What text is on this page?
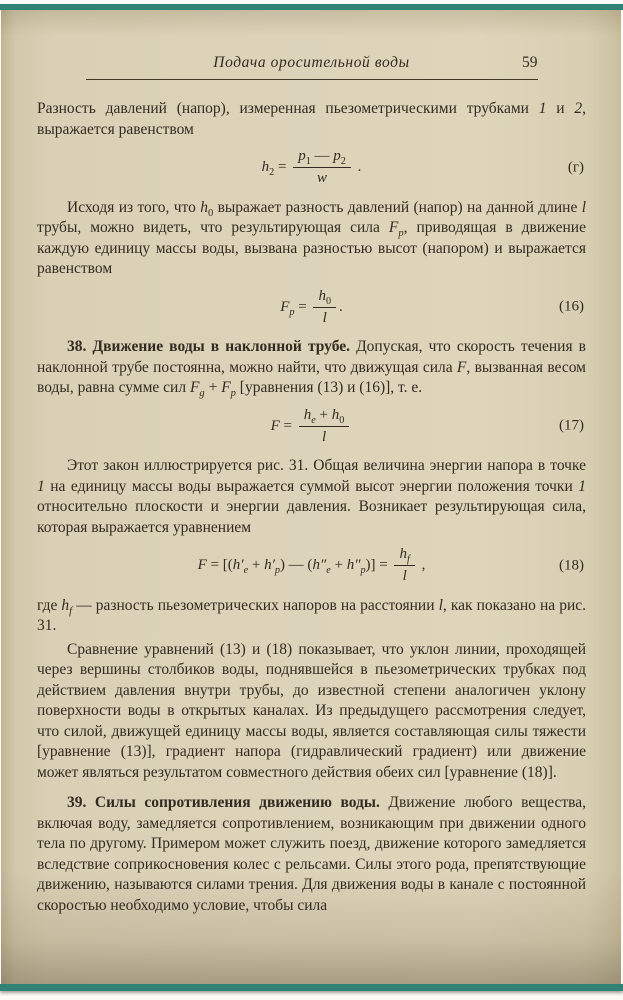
Подача оросительной воды	59

Разность давлений (напор), измеренная пьезометрическими трубками 1 и 2, выражается равенством

$h_2 = \frac{p_1 — p_2}{w}$ .	(г)

Исходя из того, что $h_0$ выражает разность давлений (напор) на данной длине l трубы, можно видеть, что результирующая сила $F_p$, приводящая в движение каждую единицу массы воды, вызвана разностью высот (напором) и выражается равенством

$F_p = \frac{h_0}{l}$ .	(16)

38. Движение воды в наклонной трубе. Допуская, что скорость течения в наклонной трубе постоянна, можно найти, что движущая сила F, вызванная весом воды, равна сумме сил $F_g + F_p$ [уравнения (13) и (16)], т. е.

$F = \frac{h_e + h_0}{l}$	(17)

Этот закон иллюстрируется рис. 31. Общая величина энергии напора в точке 1 на единицу массы воды выражается суммой высот энергии положения точки 1 относительно плоскости и энергии давления. Возникает результирующая сила, которая выражается уравнением

$F = [(h'_e + h'_p)$ — $(h''_e + h''_p)] = \frac{h_f}{l}$ ,	(18)

где $h_f$ — разность пьезометрических напоров на расстоянии l, как показано на рис. 31.

Сравнение уравнений (13) и (18) показывает, что уклон линии, проходящей через вершины столбиков воды, поднявшейся в пьезометрических трубках под действием давления внутри трубы, до известной степени аналогичен уклону поверхности воды в открытых каналах. Из предыдущего рассмотрения следует, что силой, движущей единицу массы воды, является составляющая силы тяжести [уравнение (13)], градиент напора (гидравлический градиент) или движение может являться результатом совместного действия обеих сил [уравнение (18)].

39. Силы сопротивления движению воды. Движение любого вещества, включая воду, замедляется сопротивлением, возникающим при движении одного тела по другому. Примером может служить поезд, движение которого замедляется вследствие соприкосновения колес с рельсами. Силы этого рода, препятствующие движению, называются силами трения. Для движения воды в канале с постоянной скоростью необходимо условие, чтобы сила
